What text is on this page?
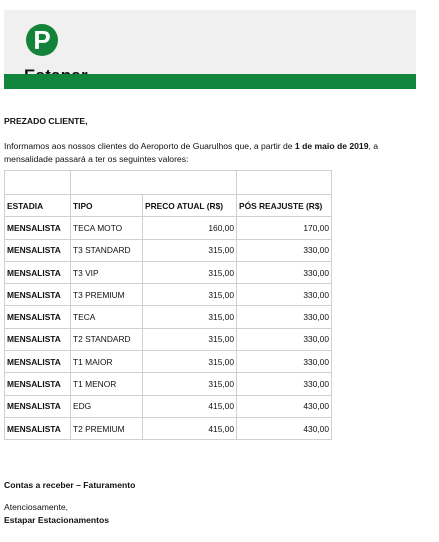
P
PREZADO CLIENTE,
Informamos aos nossos clientes do Aeroporto de Guarulhos que, a partir de 1 de maio de 2019, a mensalidade passará a ter os seguintes valores:

ESTADIA	TIPO	PRECO ATUAL (R$)	PÓS REAJUSTE (R$)
MENSALISTA	TECA MOTO	160,00	170,00
MENSALISTA	T3 STANDARD	315,00	330,00
MENSALISTA	T3 VIP	315,00	330,00
MENSALISTA	T3 PREMIUM	315,00	330,00
MENSALISTA	TECA	315,00	330,00
MENSALISTA	T2 STANDARD	315,00	330,00
MENSALISTA	T1 MAIOR	315,00	330,00
MENSALISTA	T1 MENOR	315,00	330,00
MENSALISTA	EDG	415,00	430,00
MENSALISTA	T2 PREMIUM	415,00	430,00
Contas a receber – Faturamento
Atenciosamente,
Estapar Estacionamentos
